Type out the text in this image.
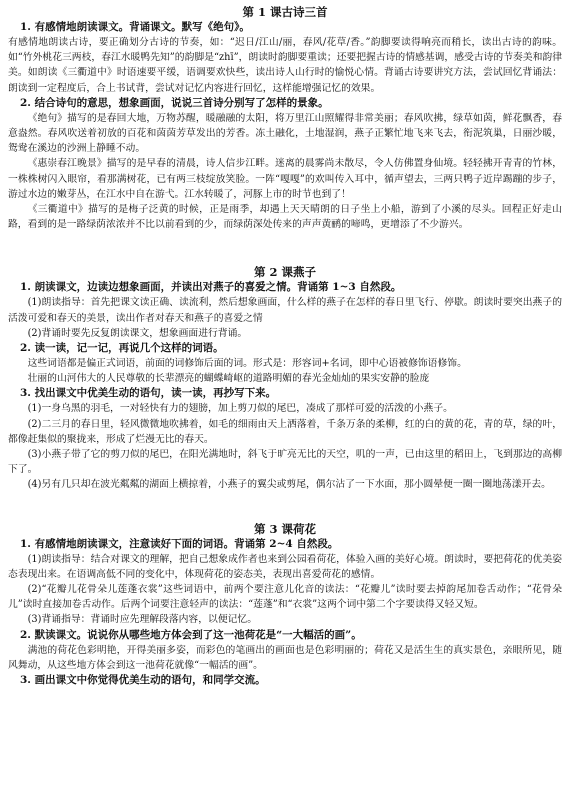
第 1 课古诗三首

1. 有感情地朗读课文。背诵课文。默写《绝句》。

有感情地朗读古诗，要正确划分古诗的节奏，如：“迟日/江山/丽，春风/花草/香。”韵脚要读得响亮而稍长，读出古诗的韵味。如“竹外桃花三两枝，春江水暖鸭先知”的韵脚是“zhī”，朗读时韵脚要重读；还要把握古诗的情感基调，感受古诗的节奏美和韵律美。如朗读《三衢道中》时语速要平缓，语调要欢快些，读出诗人山行时的愉悦心情。背诵古诗要讲究方法，尝试回忆背诵法：朗读到一定程度后，合上书试背，尝试对记忆内容进行回忆，这样能增强记忆的效果。

2. 结合诗句的意思，想象画面，说说三首诗分别写了怎样的景象。

《绝句》描写的是春回大地，万物苏醒，暖融融的太阳，将万里江山照耀得非常美丽；春风吹拂，绿草如茵，鲜花飘香，春意盎然。春风吹送着初放的百花和茵茵芳草发出的芳香。冻土融化，土地湿润，燕子正繁忙地飞来飞去，衔泥筑巢，日丽沙暖，鸳鸯在溪边的沙洲上静睡不动。

《惠崇春江晚景》描写的是早春的清晨，诗人信步江畔。迷离的晨雾尚未散尽，令人仿佛置身仙境。轻轻拂开青青的竹林，一株株树闪入眼帘，看那满树花，已有两三枝绽放笑脸。一阵“嘎嘎”的欢叫传入耳中，循声望去，三两只鸭子近岸踢蹦的步子，游过水边的嫩芽丛，在江水中自在游弋。江水转暖了，河豚上市的时节也到了！

《三衢道中》描写的是梅子泛黄的时候，正是雨季，却遇上天天晴朗的日子坐上小船，游到了小溪的尽头。回程正好走山路，看到的是一路绿荫浓浓并不比以前看到的少，而绿荫深处传来的声声黄鹂的啼鸣，更增添了不少游兴。

第 2 课燕子

1. 朗读课文，边读边想象画面，并读出对燕子的喜爱之情。背诵第 1~3 自然段。

(1)朗读指导：首先把课文读正确、读流利，然后想象画面，什么样的燕子在怎样的春日里飞行、停歇。朗读时要突出燕子的活泼可爱和春天的美景，读出作者对春天和燕子的喜爱之情

(2)背诵时要先反复朗读课文，想象画面进行背诵。

2. 读一读，记一记，再说几个这样的词语。

这些词语都是偏正式词语，前面的词修饰后面的词。形式是：形容词+名词，即中心语被修饰语修饰。

壮丽的山河伟大的人民尊敬的长辈漂亮的蝴蝶崎岖的道路明媚的春光金灿灿的果实安静的脸庞

3. 找出课文中优美生动的语句，读一读，再抄写下来。

(1)一身乌黑的羽毛，一对轻快有力的翅膀，加上剪刀似的尾巴，凑成了那样可爱的活泼的小燕子。

(2)二三月的春日里，轻风微微地吹拂着，如毛的细雨由天上洒落着，千条万条的柔柳，红的白的黄的花，青的草，绿的叶，都像赶集似的聚拢来，形成了烂漫无比的春天。

(3)小燕子带了它的剪刀似的尾巴，在阳光满地时，斜飞于旷亮无比的天空，叽的一声，已由这里的稻田上，飞到那边的高柳下了。

(4)另有几只却在波光粼粼的湖面上横掠着，小燕子的翼尖或剪尾，偶尔沾了一下水面，那小圆晕便一圈一圈地荡漾开去。

第 3 课荷花

1. 有感情地朗读课文，注意读好下面的词语。背诵第 2~4 自然段。

(1)朗读指导：结合对课文的理解，把自己想象成作者也来到公园看荷花，体验入画的美好心境。朗读时，要把荷花的优美姿态表现出来。在语调高低不同的变化中，体现荷花的姿态美，表现出喜爱荷花的感情。

(2)“花瓣儿花骨朵儿莲蓬衣裳”这些词语中，前两个要注意儿化音的读法：“花瓣儿”读时要去掉韵尾加卷舌动作；“花骨朵儿”读时直接加卷舌动作。后两个词要注意轻声的读法：“莲蓬”和“衣裳”这两个词中第二个字要读得又轻又短。

(3)背诵指导：背诵时应先理解段落内容，以便记忆。

2. 默读课文。说说你从哪些地方体会到了这一池荷花是“一大幅活的画”。

满池的荷花色彩明艳，开得美丽多姿，而彩色的笔画出的画面也是色彩明丽的；荷花又是活生生的真实景色，亲眼所见，随风舞动，从这些地方体会到这一池荷花就像“一幅活的画”。

3. 画出课文中你觉得优美生动的语句，和同学交流。
